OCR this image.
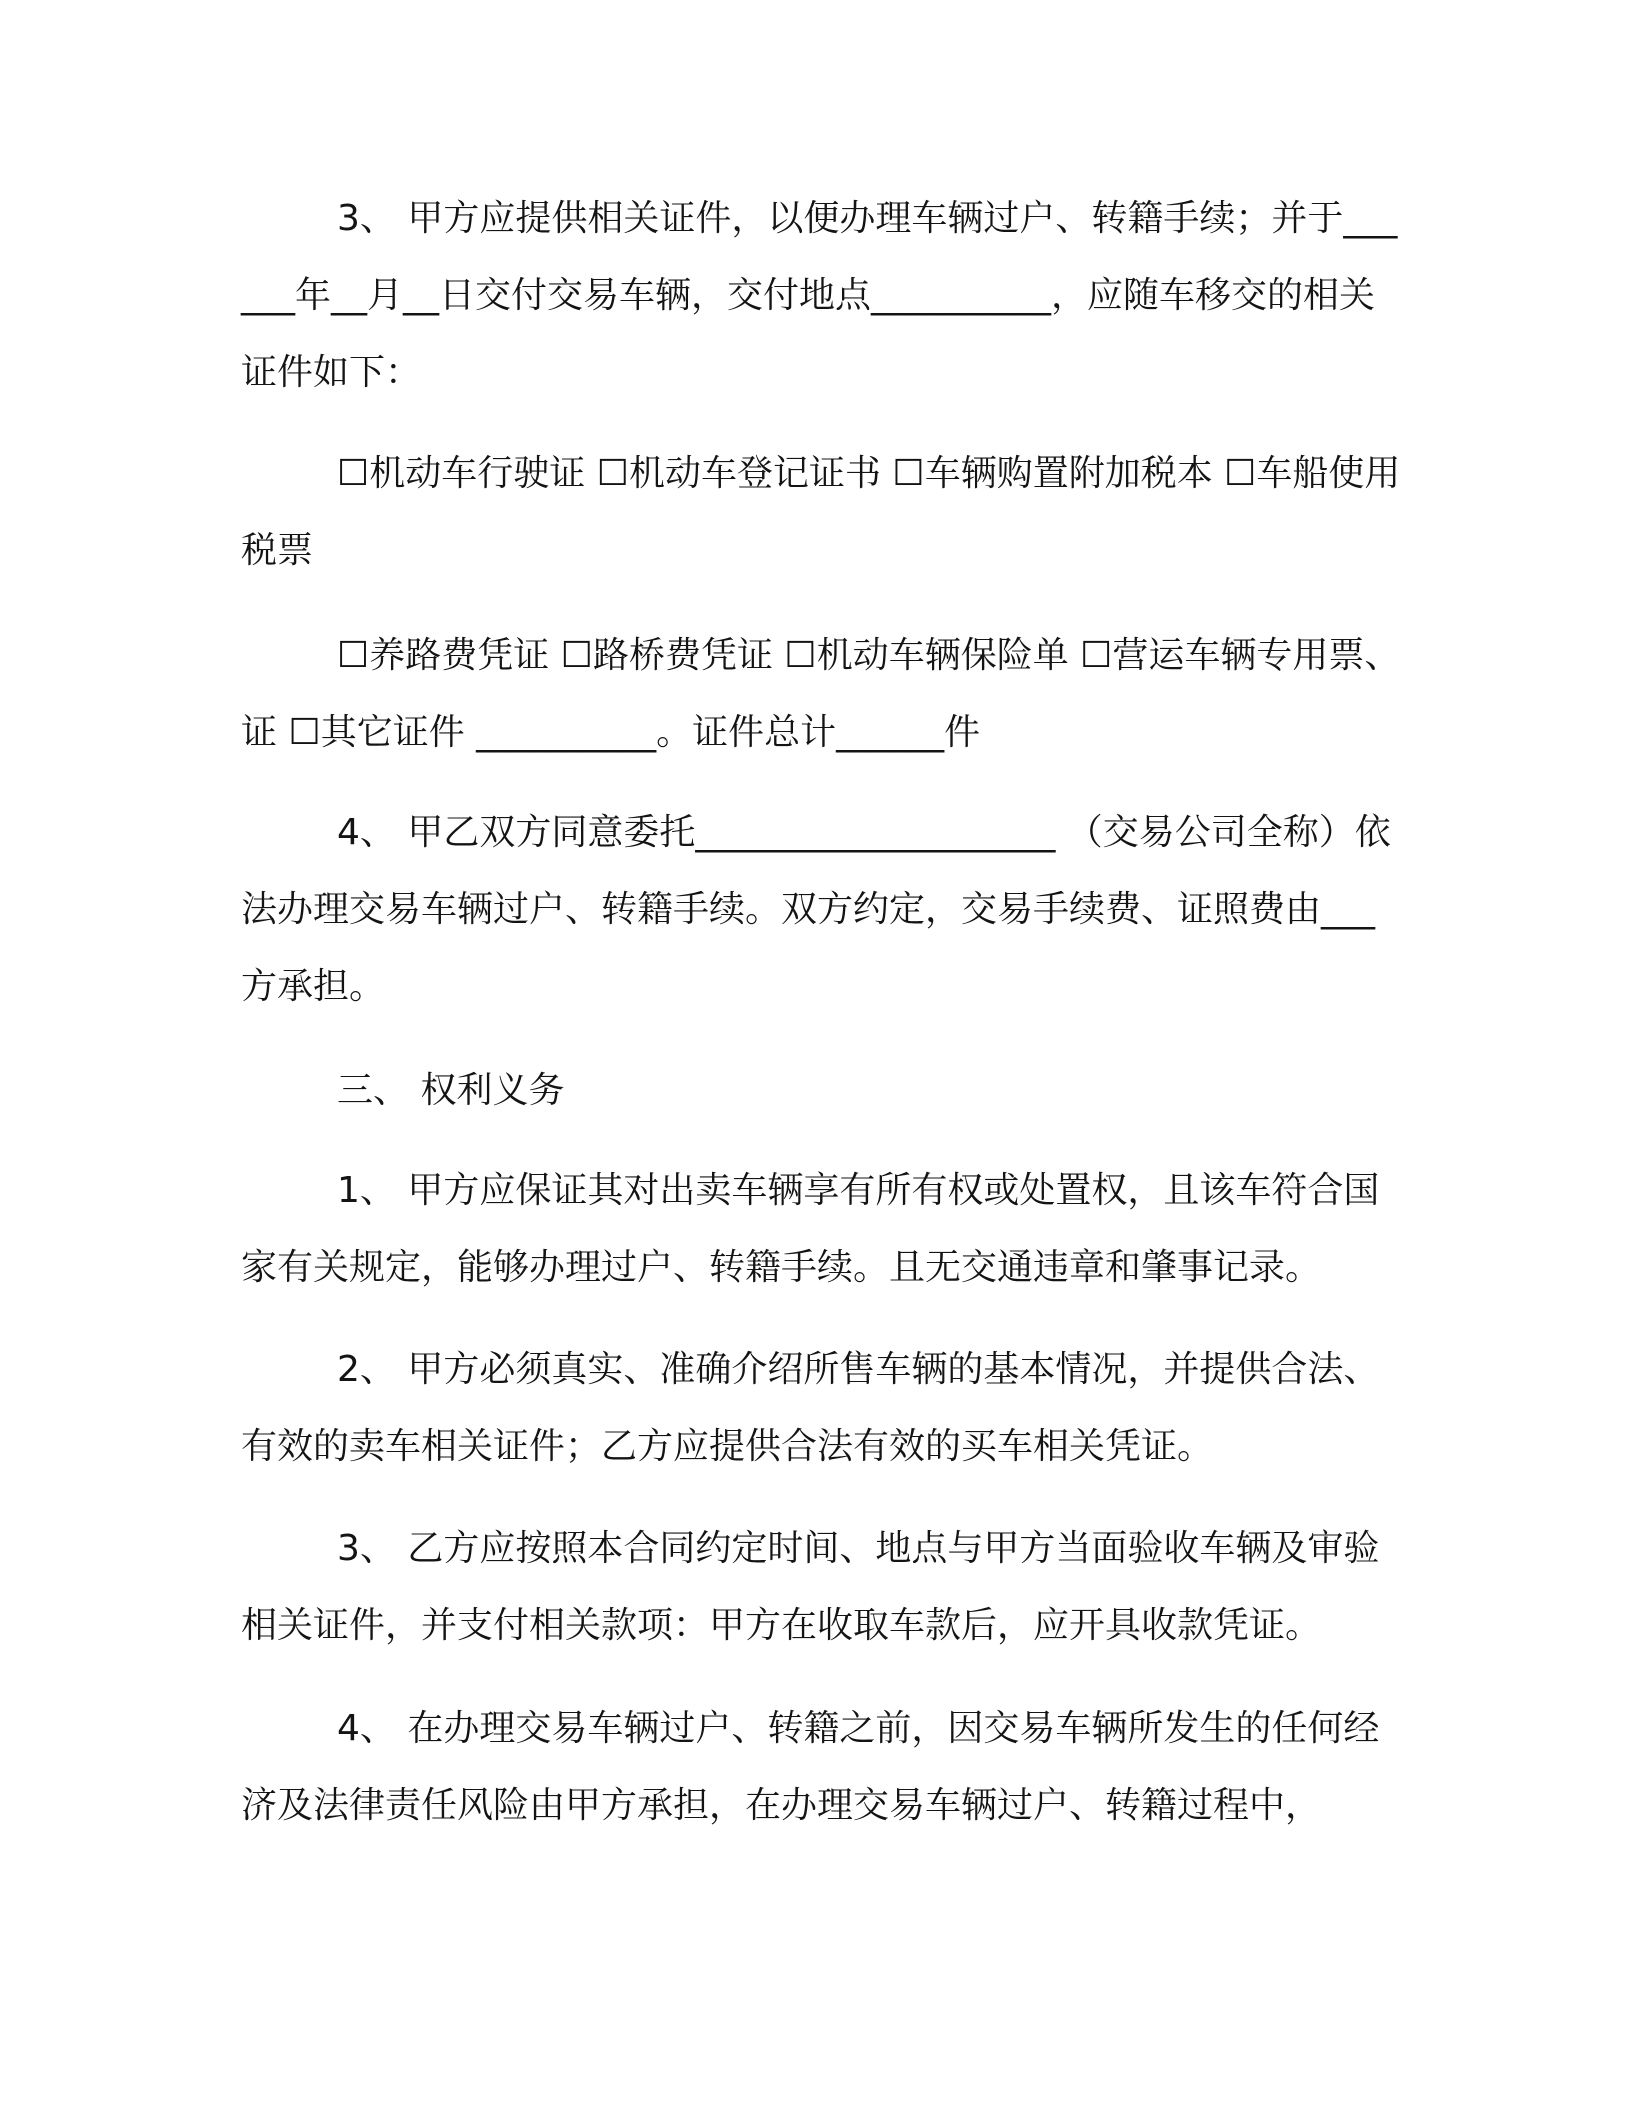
3、 甲方应提供相关证件，以便办理车辆过户、转籍手续；并于______年__月__日交付交易车辆，交付地点__________，应随车移交的相关证件如下：

☐机动车行驶证 ☐机动车登记证书 ☐车辆购置附加税本 ☐车船使用税票

☐养路费凭证 ☐路桥费凭证 ☐机动车辆保险单 ☐营运车辆专用票、证 ☐其它证件 __________。证件总计______件

4、 甲乙双方同意委托____________________ （交易公司全称）依法办理交易车辆过户、转籍手续。双方约定，交易手续费、证照费由___方承担。

三、 权利义务

1、 甲方应保证其对出卖车辆享有所有权或处置权，且该车符合国家有关规定，能够办理过户、转籍手续。且无交通违章和肇事记录。

2、 甲方必须真实、准确介绍所售车辆的基本情况，并提供合法、有效的卖车相关证件；乙方应提供合法有效的买车相关凭证。

3、 乙方应按照本合同约定时间、地点与甲方当面验收车辆及审验相关证件，并支付相关款项：甲方在收取车款后，应开具收款凭证。

4、 在办理交易车辆过户、转籍之前，因交易车辆所发生的任何经济及法律责任风险由甲方承担，在办理交易车辆过户、转籍过程中，
